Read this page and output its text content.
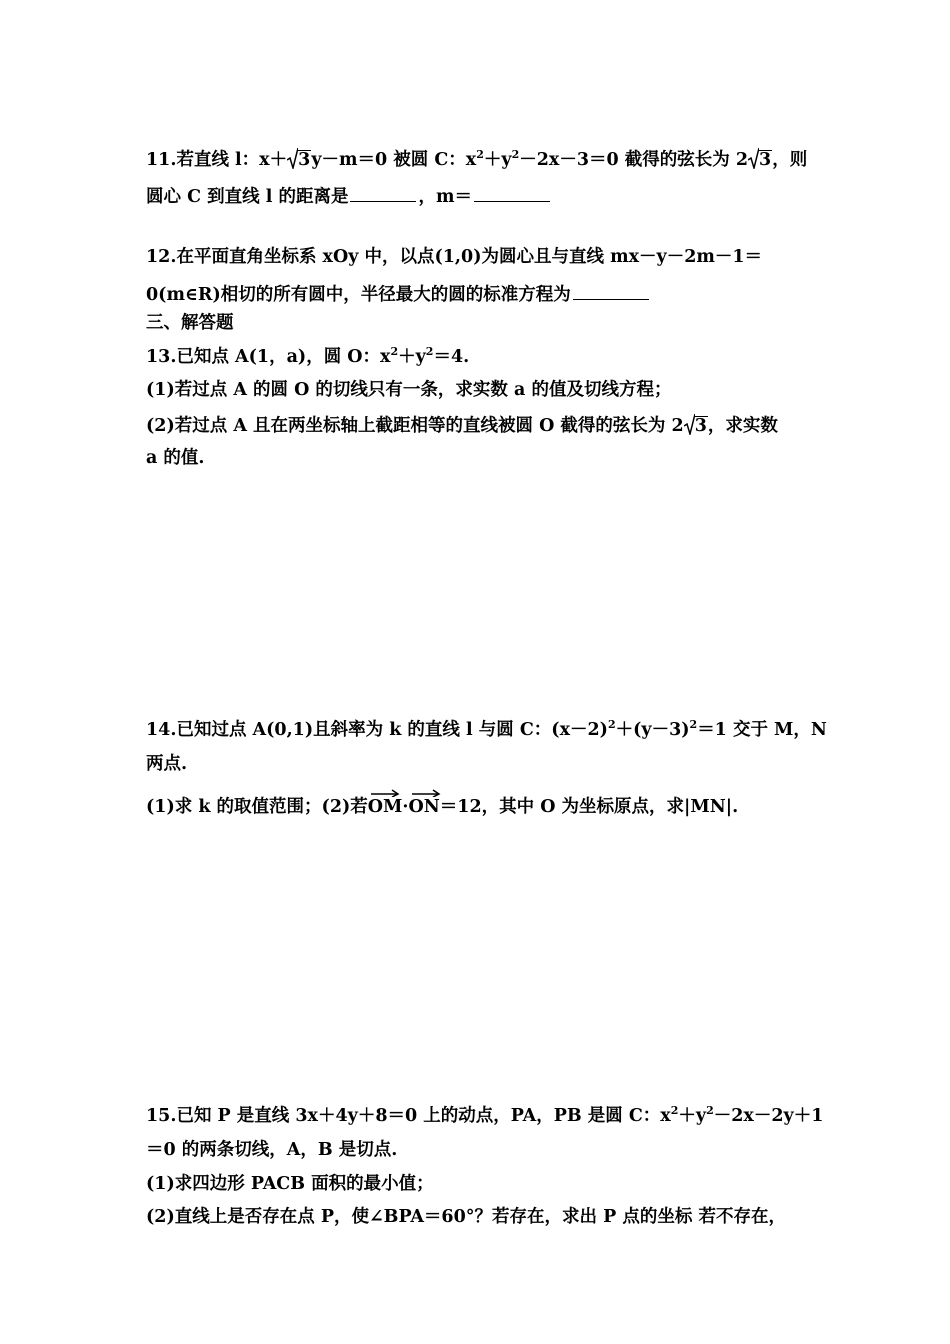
11.若直线 l：x＋ 3y－m＝0 被圆 C：$x^2+y^2-2x-3=0$ 截得的弦长为 2 3，则
圆心 C 到直线 l 的距离是	，m＝
12.在平面直角坐标系 xOy 中，以点(1,0)为圆心且与直线 mx－y－2m－1＝
0(m∈R)相切的所有圆中，半径最大的圆的标准方程为
三、解答题
13.已知点 A(1，a)，圆 O：$x^2+y^2=4$.
(1)若过点 A 的圆 O 的切线只有一条，求实数 a 的值及切线方程；
(2)若过点 A 且在两坐标轴上截距相等的直线被圆 O 截得的弦长为 2 3，求实数
a 的值.
14.已知过点 A(0,1)且斜率为 k 的直线 l 与圆 C：$(x-2)^2+(y-3)^2=1$ 交于 M，N
两点.
(1)求 k 的取值范围；(2)若
OM·
ON＝12，其中 O 为坐标原点，求|MN|.
15.已知 P 是直线 3x＋4y＋8＝0 上的动点，PA，PB 是圆 C：$x^2+y^2-2x-2y+1$
＝0 的两条切线，A，B 是切点.
(1)求四边形 PACB 面积的最小值；
(2)直线上是否存在点 P，使∠BPA＝60°？若存在，求出 P 点的坐标 若不存在，
